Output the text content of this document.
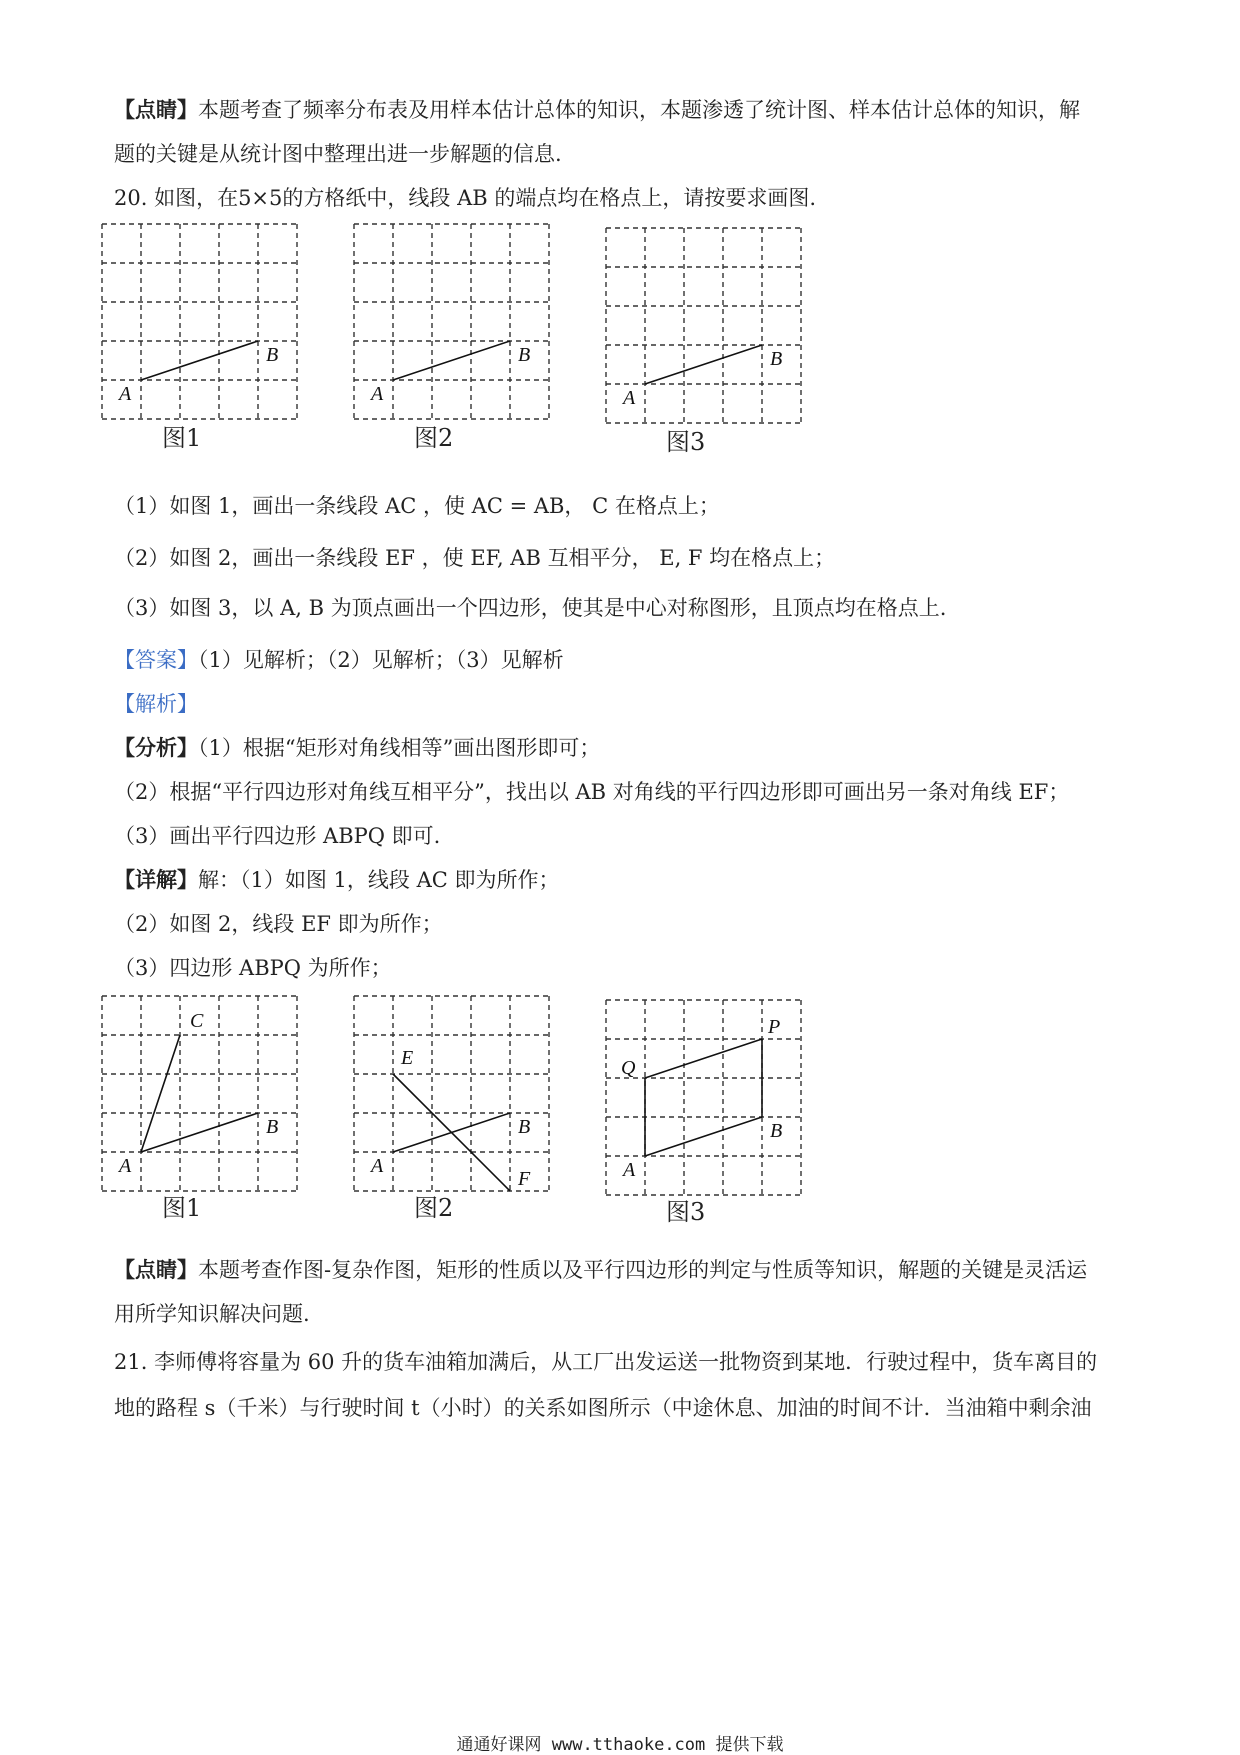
【点睛】本题考查了频率分布表及用样本估计总体的知识，本题渗透了统计图、样本估计总体的知识，解
题的关键是从统计图中整理出进一步解题的信息.
20. 如图，在5×5的方格纸中，线段 AB 的端点均在格点上，请按要求画图.
A
B
A
B
A
B
图1	图2	图3
（1）如图 1，画出一条线段 AC ，使 AC = AB， C 在格点上；
（2）如图 2，画出一条线段 EF ，使 EF, AB 互相平分， E, F 均在格点上；
（3）如图 3，以 A, B 为顶点画出一个四边形，使其是中心对称图形，且顶点均在格点上.
【答案】（1）见解析；（2）见解析；（3）见解析
【解析】
【分析】（1）根据“矩形对角线相等”画出图形即可；
（2）根据“平行四边形对角线互相平分”，找出以 AB 对角线的平行四边形即可画出另一条对角线 EF；
（3）画出平行四边形 ABPQ 即可.
【详解】解：（1）如图 1，线段 AC 即为所作；
（2）如图 2，线段 EF 即为所作；
（3）四边形 ABPQ 为所作；
A
B
C
A
B
E
F	A
B
Q
P
图1	图2	图3
【点睛】本题考查作图-复杂作图，矩形的性质以及平行四边形的判定与性质等知识，解题的关键是灵活运
用所学知识解决问题.
21. 李师傅将容量为 60 升的货车油箱加满后，从工厂出发运送一批物资到某地．行驶过程中，货车离目的
地的路程 s（千米）与行驶时间 t（小时）的关系如图所示（中途休息、加油的时间不计．当油箱中剩余油
通通好课网 www.tthaoke.com 提供下载
